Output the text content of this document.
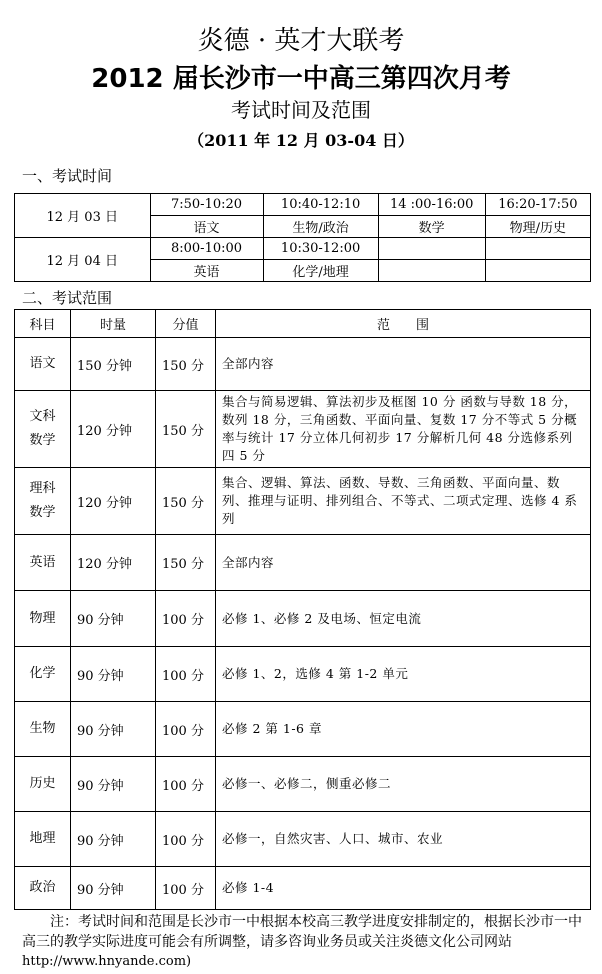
炎德 · 英才大联考
2012 届长沙市一中高三第四次月考
考试时间及范围
（2011 年 12 月 03-04 日）
一、考试时间
12 月 03 日	7:50-10:20	10:40-12:10	14 :00-16:00	16:20-17:50
	语文	生物/政治	数学	物理/历史
12 月 04 日	8:00-10:00	10:30-12:00		
	英语	化学/地理		
二、考试范围
科目	时量	分值	范　　围
语文	150 分钟	150 分	全部内容
文科数学	120 分钟	150 分	集合与简易逻辑、算法初步及框图 10 分 函数与导数 18 分，数列 18 分，三角函数、平面向量、复数 17 分不等式 5 分概率与统计 17 分立体几何初步 17 分解析几何 48 分选修系列四 5 分
理科数学	120 分钟	150 分	集合、逻辑、算法、函数、导数、三角函数、平面向量、数列、推理与证明、排列组合、不等式、二项式定理、选修 4 系列
英语	120 分钟	150 分	全部内容
物理	90 分钟	100 分	必修 1、必修 2 及电场、恒定电流
化学	90 分钟	100 分	必修 1、2，选修 4 第 1-2 单元
生物	90 分钟	100 分	必修 2 第 1-6 章
历史	90 分钟	100 分	必修一、必修二，侧重必修二
地理	90 分钟	100 分	必修一，自然灾害、人口、城市、农业
政治	90 分钟	100 分	必修 1-4
注：考试时间和范围是长沙市一中根据本校高三教学进度安排制定的，根据长沙市一中高三的教学实际进度可能会有所调整，请多咨询业务员或关注炎德文化公司网站
http://www.hnyande.com)
